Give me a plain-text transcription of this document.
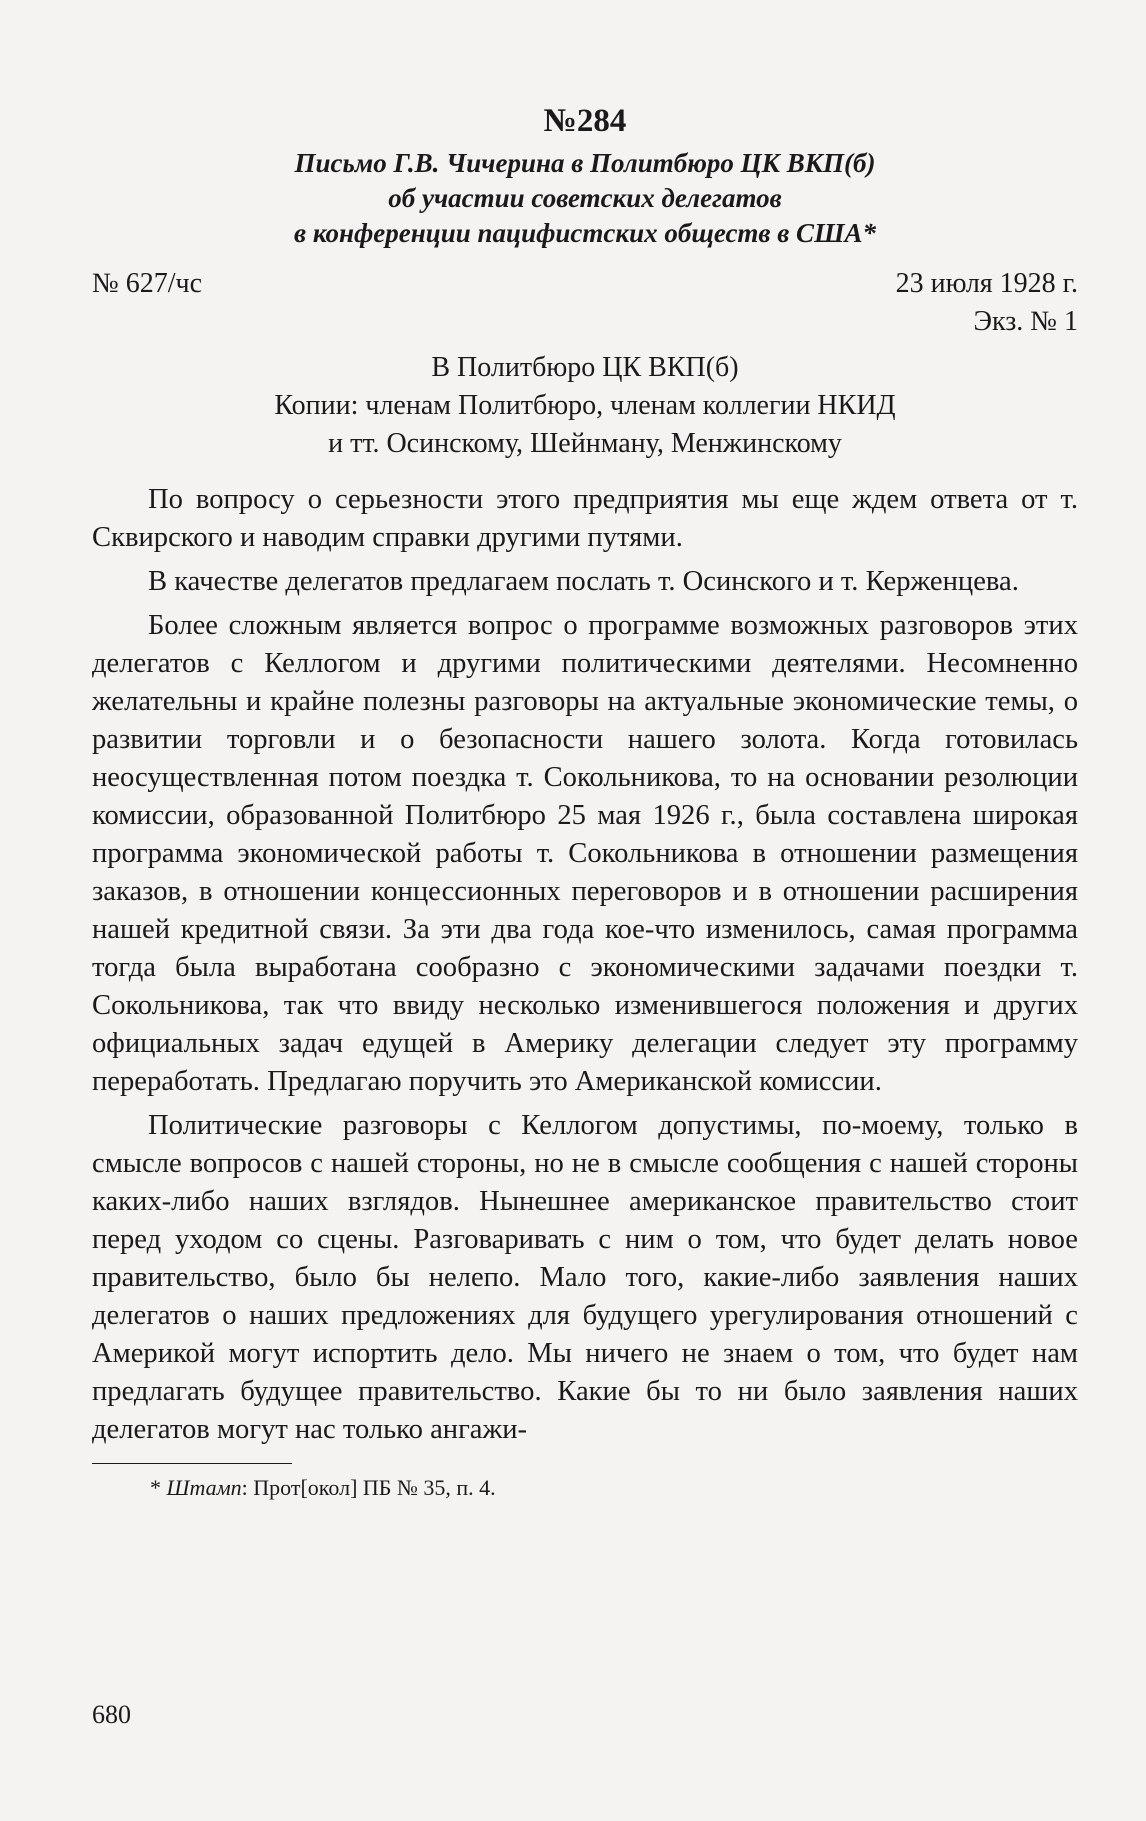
№284
Письмо Г.В. Чичерина в Политбюро ЦК ВКП(б)
об участии советских делегатов
в конференции пацифистских обществ в США*
№ 627/чс	23 июля 1928 г.
Экз. № 1
В Политбюро ЦК ВКП(б)
Копии: членам Политбюро, членам коллегии НКИД
и тт. Осинскому, Шейнману, Менжинскому

По вопросу о серьезности этого предприятия мы еще ждем ответа от т. Сквирского и наводим справки другими путями.

В качестве делегатов предлагаем послать т. Осинского и т. Керженцева.

Более сложным является вопрос о программе возможных разговоров этих делегатов с Келлогом и другими политическими деятелями. Несомненно желательны и крайне полезны разговоры на актуальные экономические темы, о развитии торговли и о безопасности нашего золота. Когда готовилась неосуществленная потом поездка т. Сокольникова, то на основании резолюции комиссии, образованной Политбюро 25 мая 1926 г., была составлена широкая программа экономической работы т. Сокольникова в отношении размещения заказов, в отношении концессионных переговоров и в отношении расширения нашей кредитной связи. За эти два года кое-что изменилось, самая программа тогда была выработана сообразно с экономическими задачами поездки т. Сокольникова, так что ввиду несколько изменившегося положения и других официальных задач едущей в Америку делегации следует эту программу переработать. Предлагаю поручить это Американской комиссии.

Политические разговоры с Келлогом допустимы, по-моему, только в смысле вопросов с нашей стороны, но не в смысле сообщения с нашей стороны каких-либо наших взглядов. Нынешнее американское правительство стоит перед уходом со сцены. Разговаривать с ним о том, что будет делать новое правительство, было бы нелепо. Мало того, какие-либо заявления наших делегатов о наших предложениях для будущего урегулирования отношений с Америкой могут испортить дело. Мы ничего не знаем о том, что будет нам предлагать будущее правительство. Какие бы то ни было заявления наших делегатов могут нас только ангажи-

* Штамп: Прот[окол] ПБ № 35, п. 4.
680
